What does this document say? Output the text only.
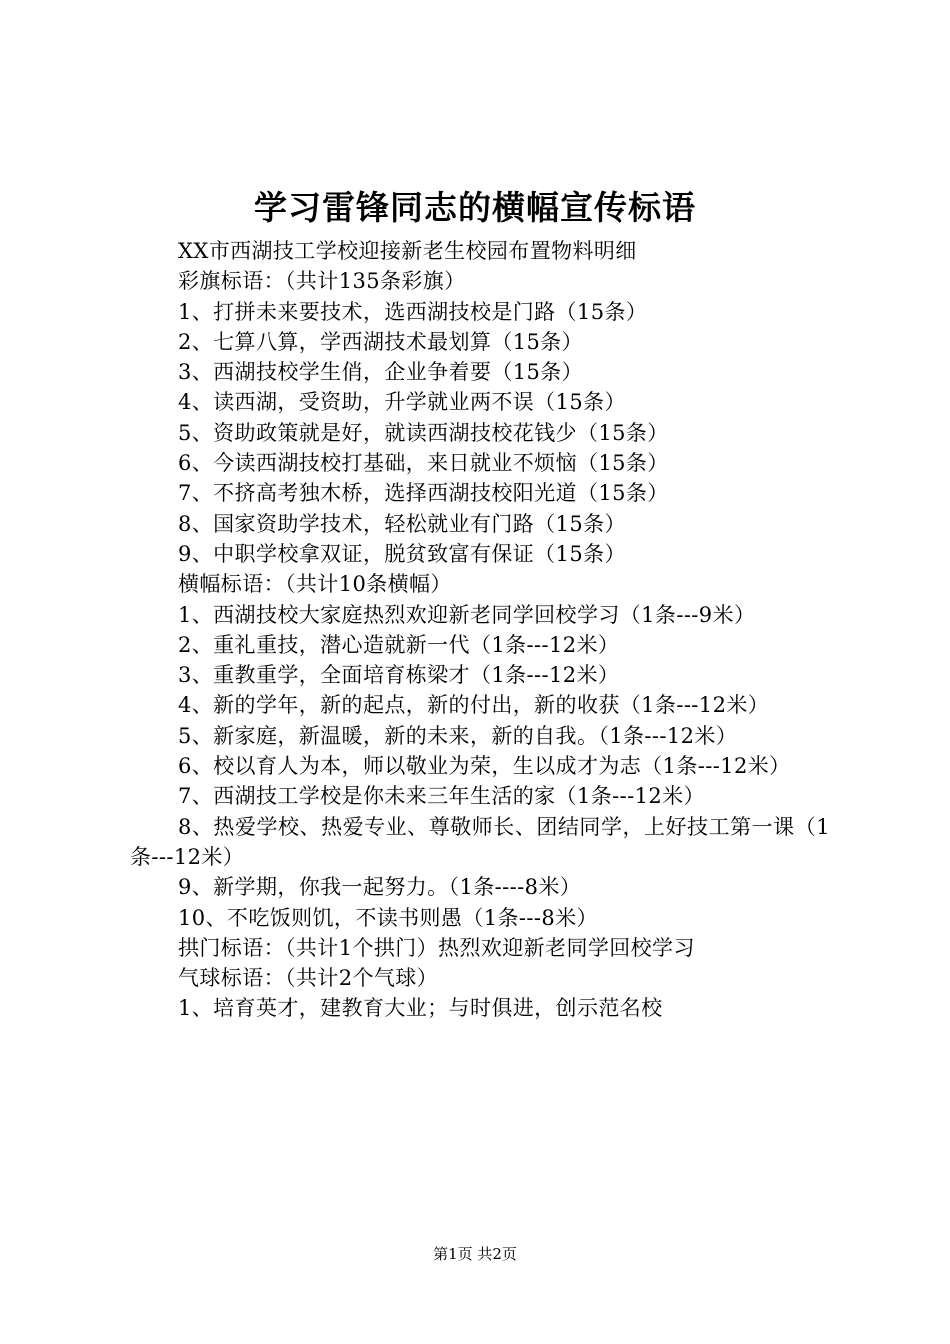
学习雷锋同志的横幅宣传标语

XX市西湖技工学校迎接新老生校园布置物料明细

彩旗标语：（共计135条彩旗）

1、打拼未来要技术，选西湖技校是门路（15条）

2、七算八算，学西湖技术最划算（15条）

3、西湖技校学生俏，企业争着要（15条）

4、读西湖，受资助，升学就业两不误（15条）

5、资助政策就是好，就读西湖技校花钱少（15条）

6、今读西湖技校打基础，来日就业不烦恼（15条）

7、不挤高考独木桥，选择西湖技校阳光道（15条）

8、国家资助学技术，轻松就业有门路（15条）

9、中职学校拿双证，脱贫致富有保证（15条）

横幅标语：（共计10条横幅）

1、西湖技校大家庭热烈欢迎新老同学回校学习（1条---9米）

2、重礼重技，潜心造就新一代（1条---12米）

3、重教重学，全面培育栋梁才（1条---12米）

4、新的学年，新的起点，新的付出，新的收获（1条---12米）

5、新家庭，新温暖，新的未来，新的自我。（1条---12米）

6、校以育人为本，师以敬业为荣，生以成才为志（1条---12米）

7、西湖技工学校是你未来三年生活的家（1条---12米）

8、热爱学校、热爱专业、尊敬师长、团结同学，上好技工第一课（1条---12米）

9、新学期，你我一起努力。（1条----8米）

10、不吃饭则饥，不读书则愚（1条---8米）

拱门标语：（共计1个拱门）热烈欢迎新老同学回校学习

气球标语：（共计2个气球）

1、培育英才，建教育大业；与时俱进，创示范名校

第1页 共2页
